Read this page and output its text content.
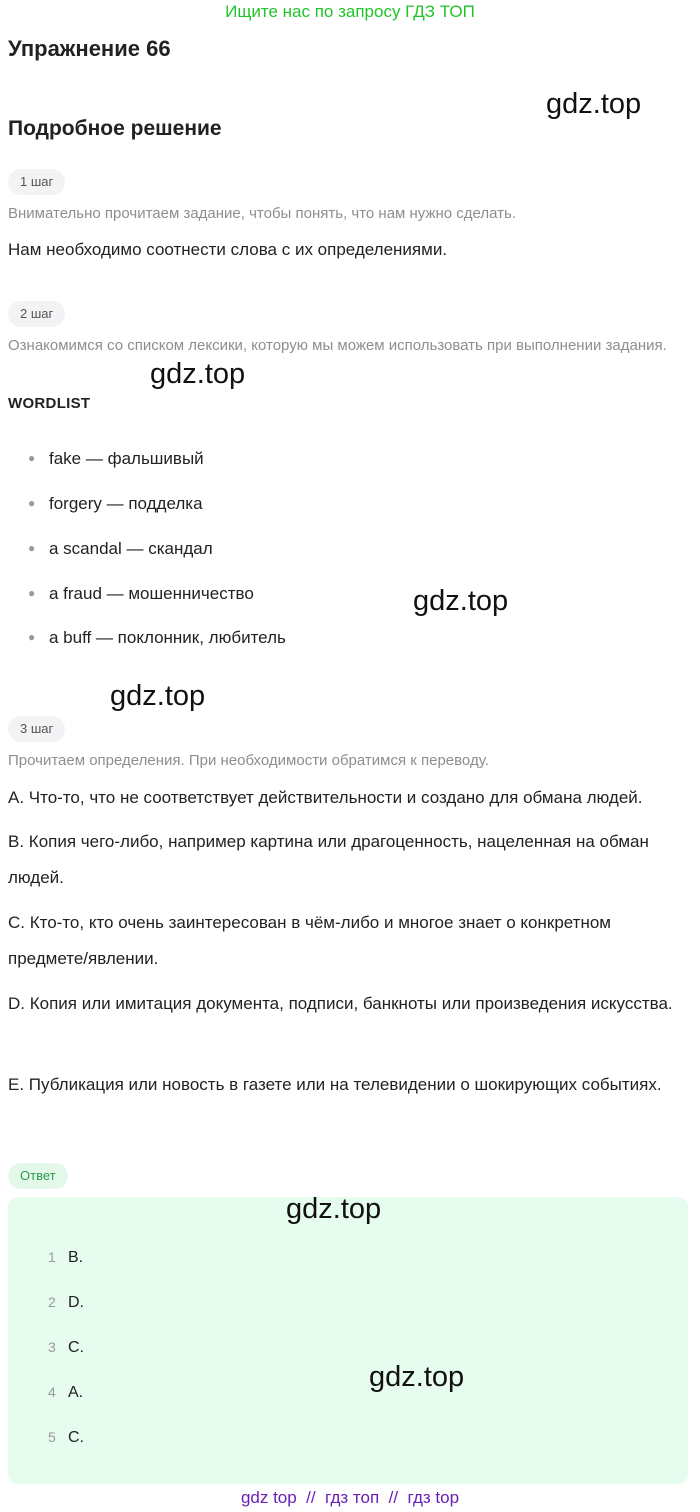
Ищите нас по запросу ГДЗ ТОП
Упражнение 66
gdz.top
Подробное решение
1 шаг
Внимательно прочитаем задание, чтобы понять, что нам нужно сделать.
Нам необходимо соотнести слова с их определениями.
2 шаг
Ознакомимся со списком лексики, которую мы можем использовать при выполнении задания.
gdz.top
WORDLIST
● fake — фальшивый
● forgery — подделка
● a scandal — скандал
● a fraud — мошенничество
● a buff — поклонник, любитель
gdz.top
gdz.top
3 шаг
Прочитаем определения. При необходимости обратимся к переводу.
A. Что-то, что не соответствует действительности и создано для обмана людей.
B. Копия чего-либо, например картина или драгоценность, нацеленная на обман людей.
C. Кто-то, кто очень заинтересован в чём-либо и многое знает о конкретном предмете/явлении.
D. Копия или имитация документа, подписи, банкноты или произведения искусства.
E. Публикация или новость в газете или на телевидении о шокирующих событиях.
Ответ
gdz.top
1 B.
2 D.
3 C.
4 A.
5 C.
gdz.top
gdz top  //  гдз топ  //  гдз top
